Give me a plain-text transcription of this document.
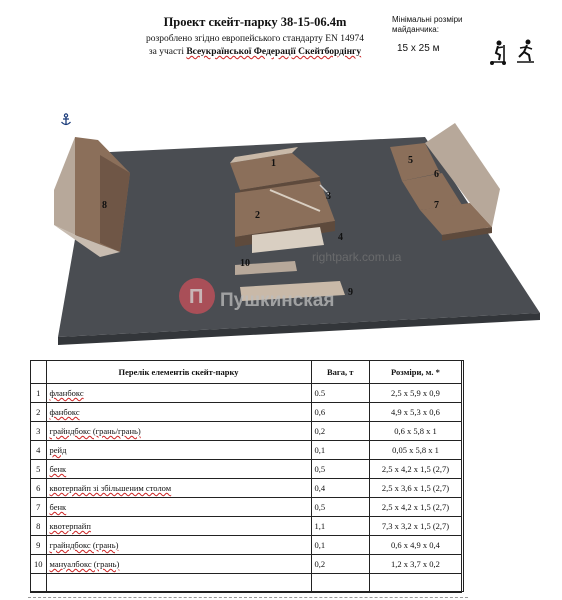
Проект скейт-парку 38-15-06.4m
розроблено згідно европейського стандарту EN 14974
за участі Всеукраїнської Федерації Скейтбордінгу
Мінімальні розміри майданчика:
15 x 25 м
1
2
3
4
5
6
7
8
9
10	rightpark.com.ua
П Пушкинская
	Перелік елементів скейт-парку	Вага, т	Розміри, м. *
1	фланбокс	0.5	2,5 x 5,9 x 0,9
2	фанбокс	0,6	4,9 x 5,3 x 0,6
3	грайндбокс (грань/грань)	0,2	0,6 x 5,8 x 1
4	рейд	0,1	0,05 x 5,8 x 1
5	бенк	0,5	2,5 x 4,2 x 1,5 (2,7)
6	квотерпайп зі збільшеним столом	0,4	2,5 x 3,6 x 1,5 (2,7)
7	бенк	0,5	2,5 x 4,2 x 1,5 (2,7)
8	квотерпайп	1,1	7,3 x 3,2 x 1,5 (2,7)
9	грайндбокс (грань)	0,1	0,6 x 4,9 x 0,4
10	мануалбокс (грань)	0,2	1,2 x 3,7 x 0,2
